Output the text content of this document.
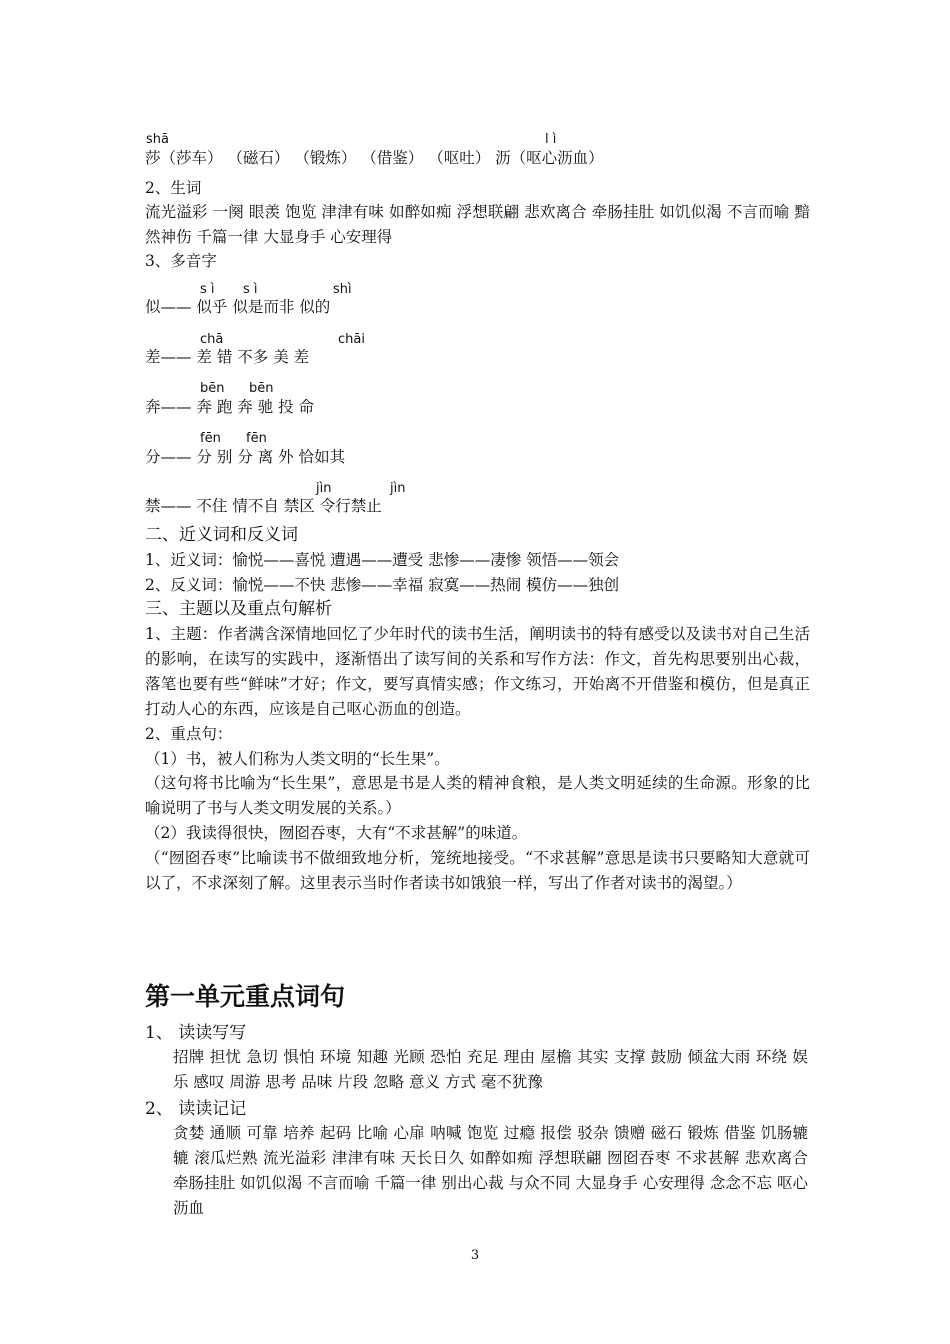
shā	l ì
莎（莎车） （磁石） （锻炼） （借鉴） （呕吐） 沥（呕心沥血）
2、生词
流光溢彩 一阕 眼羡 饱览 津津有味 如醉如痴 浮想联翩 悲欢离合 牵肠挂肚 如饥似渴 不言而喻 黯然神伤 千篇一律 大显身手 心安理得
3、多音字
s ì s ì	shì
似—— 似乎 似是而非 似的
chā	chāi
差—— 差 错 不多 美 差
bēn bēn
奔—— 奔 跑 奔 驰 投 命
fēn fēn
分—— 分 别 分 离 外 恰如其
jìn	jìn
禁—— 不住 情不自 禁区 令行禁止
二、近义词和反义词
1、近义词：愉悦——喜悦 遭遇——遭受 悲惨——凄惨 领悟——领会
2、反义词：愉悦——不快 悲惨——幸福 寂寞——热闹 模仿——独创
三、主题以及重点句解析
1、主题：作者满含深情地回忆了少年时代的读书生活，阐明读书的特有感受以及读书对自己生活的影响，在读写的实践中，逐渐悟出了读写间的关系和写作方法：作文，首先构思要别出心裁，落笔也要有些“鲜味”才好；作文，要写真情实感；作文练习，开始离不开借鉴和模仿，但是真正打动人心的东西，应该是自己呕心沥血的创造。
2、重点句：
（1）书，被人们称为人类文明的“长生果”。
（这句将书比喻为“长生果”，意思是书是人类的精神食粮，是人类文明延续的生命源。形象的比喻说明了书与人类文明发展的关系。）
（2）我读得很快，囫囵吞枣，大有“不求甚解”的味道。
（“囫囵吞枣”比喻读书不做细致地分析，笼统地接受。“不求甚解”意思是读书只要略知大意就可以了，不求深刻了解。这里表示当时作者读书如饿狼一样，写出了作者对读书的渴望。）
第一单元重点词句
1、 读读写写
招牌 担忧 急切 惧怕 环境 知趣 光顾 恐怕 充足 理由 屋檐 其实 支撑 鼓励 倾盆大雨 环绕 娱乐 感叹 周游 思考 品味 片段 忽略 意义 方式 毫不犹豫
2、 读读记记
贪婪 通顺 可靠 培养 起码 比喻 心扉 呐喊 饱览 过瘾 报偿 驳杂 馈赠 磁石 锻炼 借鉴 饥肠辘辘 滚瓜烂熟 流光溢彩 津津有味 天长日久 如醉如痴 浮想联翩 囫囵吞枣 不求甚解 悲欢离合 牵肠挂肚 如饥似渴 不言而喻 千篇一律 别出心裁 与众不同 大显身手 心安理得 念念不忘 呕心沥血
3
